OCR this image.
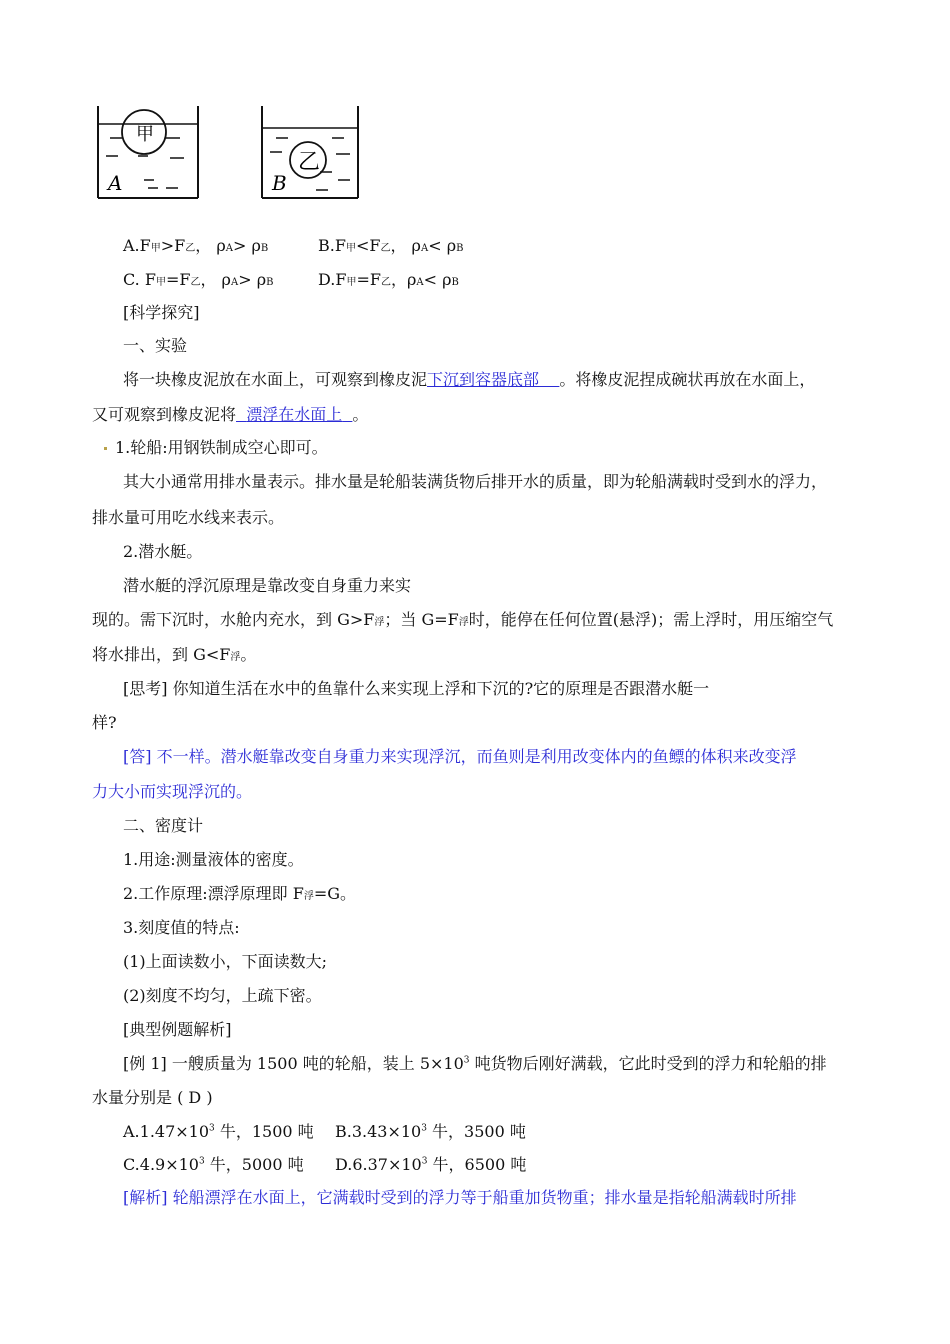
甲
A
乙
B
A.F甲>F乙， ρA> ρB	B.F甲<F乙， ρA< ρB
C. F甲=F乙， ρA> ρB	D.F甲=F乙，ρA< ρB
[科学探究]
一、实验
将一块橡皮泥放在水面上，可观察到橡皮泥下沉到容器底部 。将橡皮泥捏成碗状再放在水面上，
又可观察到橡皮泥将 漂浮在水面上 。
1.轮船:用钢铁制成空心即可。
其大小通常用排水量表示。排水量是轮船装满货物后排开水的质量，即为轮船满载时受到水的浮力，
排水量可用吃水线来表示。
2.潜水艇。
潜水艇的浮沉原理是靠改变自身重力来实
现的。需下沉时，水舱内充水，到 G>F浮；当 G=F浮时，能停在任何位置(悬浮)；需上浮时，用压缩空气
将水排出，到 G<F浮。
[思考] 你知道生活在水中的鱼靠什么来实现上浮和下沉的?它的原理是否跟潜水艇一
样?
[答] 不一样。潜水艇靠改变自身重力来实现浮沉，而鱼则是利用改变体内的鱼鳔的体积来改变浮
力大小而实现浮沉的。
二、密度计
1.用途:测量液体的密度。
2.工作原理:漂浮原理即 F浮=G。
3.刻度值的特点:
(1)上面读数小，下面读数大;
(2)刻度不均匀，上疏下密。
[典型例题解析]
[例 1] 一艘质量为 1500 吨的轮船，装上 $5\times 10^3$ 吨货物后刚好满载，它此时受到的浮力和轮船的排
水量分别是 ( D )
$A.1.47\times 10^3$ 牛，1500 吨 $B.3.43\times 10^3$ 牛，3500 吨
$C.4.9\times 10^3$ 牛，5000 吨 $D.6.37\times 10^3$ 牛，6500 吨
[解析] 轮船漂浮在水面上，它满载时受到的浮力等于船重加货物重；排水量是指轮船满载时所排
